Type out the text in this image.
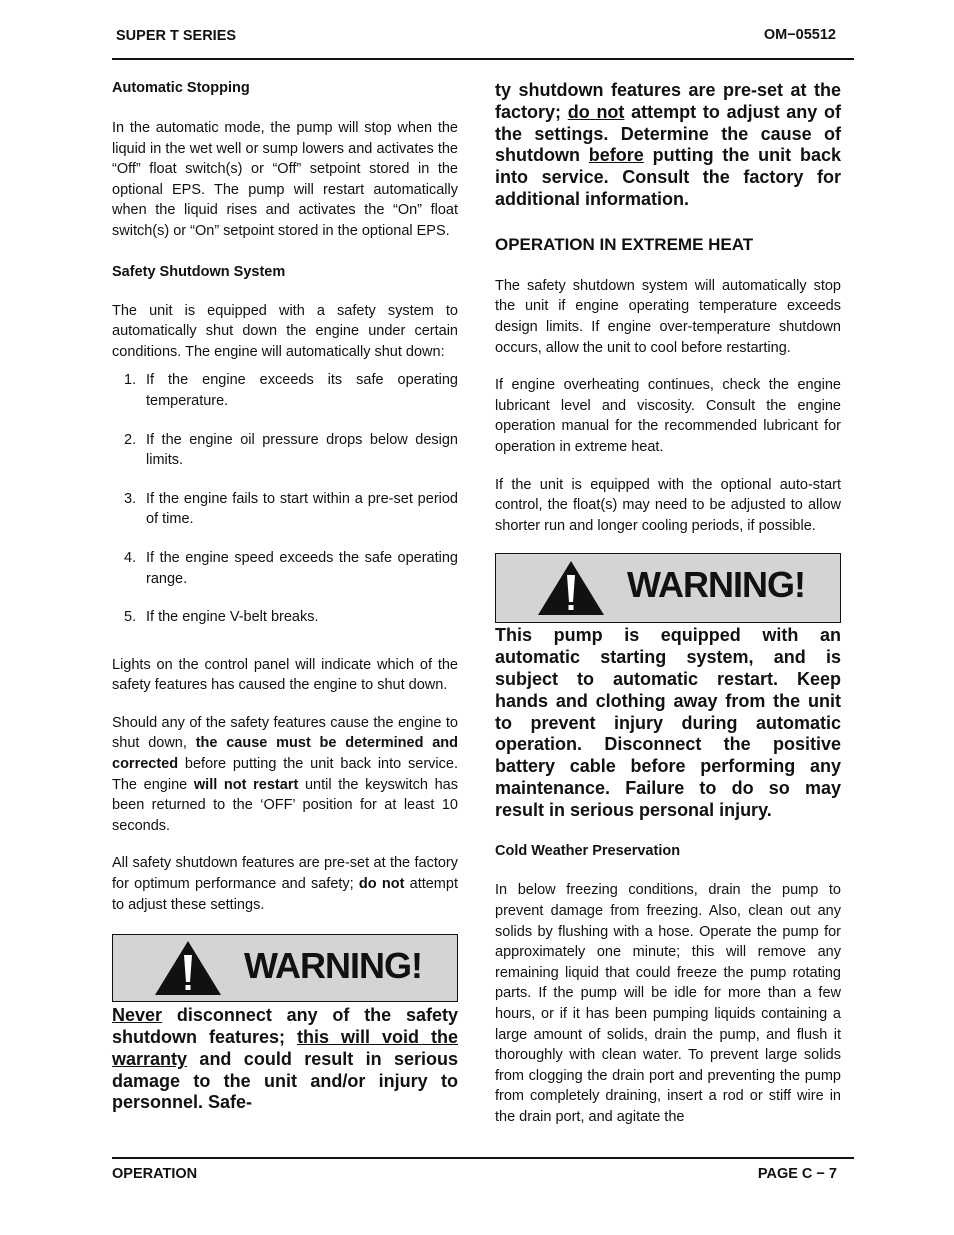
SUPER T SERIES	OM−05512

Automatic Stopping

In the automatic mode, the pump will stop when the liquid in the wet well or sump lowers and activates the “Off” float switch(s) or “Off” setpoint stored in the optional EPS. The pump will restart automatically when the liquid rises and activates the “On” float switch(s) or “On” setpoint stored in the optional EPS.

Safety Shutdown System

The unit is equipped with a safety system to automatically shut down the engine under certain conditions. The engine will automatically shut down:

1. If the engine exceeds its safe operating temperature.
2. If the engine oil pressure drops below design limits.
3. If the engine fails to start within a pre-set period of time.
4. If the engine speed exceeds the safe operating range.
5. If the engine V-belt breaks.

Lights on the control panel will indicate which of the safety features has caused the engine to shut down.

Should any of the safety features cause the engine to shut down, the cause must be determined and corrected before putting the unit back into service. The engine will not restart until the keyswitch has been returned to the ‘OFF’ position for at least 10 seconds.

All safety shutdown features are pre-set at the factory for optimum performance and safety; do not attempt to adjust these settings.

WARNING!

Never disconnect any of the safety shutdown features; this will void the warranty and could result in serious damage to the unit and/or injury to personnel. Safe-

ty shutdown features are pre-set at the factory; do not attempt to adjust any of the settings. Determine the cause of shutdown before putting the unit back into service. Consult the factory for additional information.

OPERATION IN EXTREME HEAT

The safety shutdown system will automatically stop the unit if engine operating temperature exceeds design limits. If engine over-temperature shutdown occurs, allow the unit to cool before restarting.

If engine overheating continues, check the engine lubricant level and viscosity. Consult the engine operation manual for the recommended lubricant for operation in extreme heat.

If the unit is equipped with the optional auto-start control, the float(s) may need to be adjusted to allow shorter run and longer cooling periods, if possible.

WARNING!

This pump is equipped with an automatic starting system, and is subject to automatic restart. Keep hands and clothing away from the unit to prevent injury during automatic operation. Disconnect the positive battery cable before performing any maintenance. Failure to do so may result in serious personal injury.

Cold Weather Preservation

In below freezing conditions, drain the pump to prevent damage from freezing. Also, clean out any solids by flushing with a hose. Operate the pump for approximately one minute; this will remove any remaining liquid that could freeze the pump rotating parts. If the pump will be idle for more than a few hours, or if it has been pumping liquids containing a large amount of solids, drain the pump, and flush it thoroughly with clean water. To prevent large solids from clogging the drain port and preventing the pump from completely draining, insert a rod or stiff wire in the drain port, and agitate the

OPERATION	PAGE C − 7
